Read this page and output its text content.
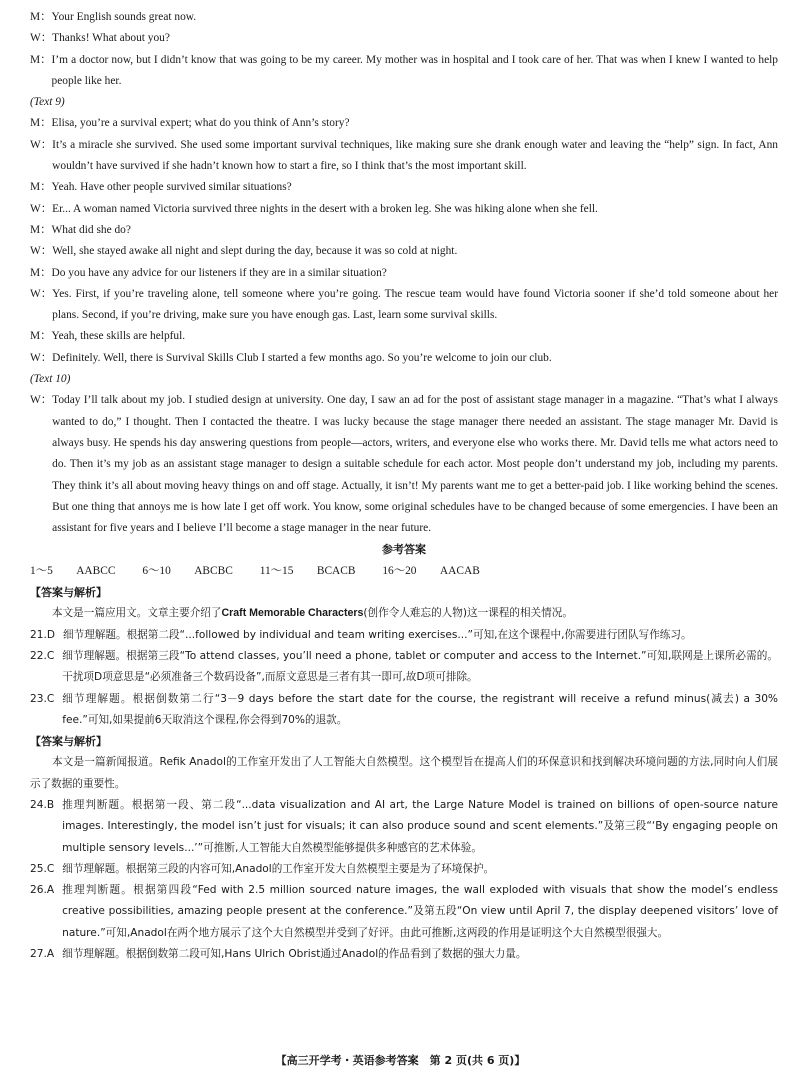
M： Your English sounds great now.
W： Thanks! What about you?
M： I’m a doctor now, but I didn’t know that was going to be my career. My mother was in hospital and I took care of her. That was when I knew I wanted to help people like her.
(Text 9)
M： Elisa, you’re a survival expert; what do you think of Ann’s story?
W： It’s a miracle she survived. She used some important survival techniques, like making sure she drank enough water and leaving the “help” sign. In fact, Ann wouldn’t have survived if she hadn’t known how to start a fire, so I think that’s the most important skill.
M： Yeah. Have other people survived similar situations?
W： Er... A woman named Victoria survived three nights in the desert with a broken leg. She was hiking alone when she fell.
M： What did she do?
W： Well, she stayed awake all night and slept during the day, because it was so cold at night.
M： Do you have any advice for our listeners if they are in a similar situation?
W： Yes. First, if you’re traveling alone, tell someone where you’re going. The rescue team would have found Victoria sooner if she’d told someone about her plans. Second, if you’re driving, make sure you have enough gas. Last, learn some survival skills.
M： Yeah, these skills are helpful.
W： Definitely. Well, there is Survival Skills Club I started a few months ago. So you’re welcome to join our club.
(Text 10)
W： Today I’ll talk about my job. I studied design at university. One day, I saw an ad for the post of assistant stage manager in a magazine. “That’s what I always wanted to do,” I thought. Then I contacted the theatre. I was lucky because the stage manager there needed an assistant. The stage manager Mr. David is always busy. He spends his day answering questions from people—actors, writers, and everyone else who works there. Mr. David tells me what actors need to do. Then it’s my job as an assistant stage manager to design a suitable schedule for each actor. Most people don’t understand my job, including my parents. They think it’s all about moving heavy things on and off stage. Actually, it isn’t! My parents want me to get a better-paid job. I like working behind the scenes. But one thing that annoys me is how late I get off work. You know, some original schedules have to be changed because of some emergencies. I have been an assistant for five years and I believe I’ll become a stage manager in the near future.
参考答案
1～5　 AABCC 6～10　 ABCBC 11～15　 BCACB 16～20　 AACAB
【答案与解析】
本文是一篇应用文。文章主要介绍了Craft Memorable Characters(创作令人难忘的人物)这一课程的相关情况。
21.D 细节理解题。根据第二段“...followed by individual and team writing exercises...”可知,在这个课程中,你需要进行团队写作练习。
22.C 细节理解题。根据第三段“To attend classes, you’ll need a phone, tablet or computer and access to the Internet.”可知,联网是上课所必需的。干扰项D项意思是“必须准备三个数码设备”,而原文意思是三者有其一即可,故D项可排除。
23.C 细节理解题。根据倒数第二行“3－9 days before the start date for the course, the registrant will receive a refund minus(减去) a 30% fee.”可知,如果提前6天取消这个课程,你会得到70%的退款。
【答案与解析】
本文是一篇新闻报道。Refik Anadol的工作室开发出了人工智能大自然模型。这个模型旨在提高人们的环保意识和找到解决环境问题的方法,同时向人们展示了数据的重要性。
24.B 推理判断题。根据第一段、第二段“...data visualization and AI art, the Large Nature Model is trained on billions of open-source nature images. Interestingly, the model isn’t just for visuals; it can also produce sound and scent elements.”及第三段“‘By engaging people on multiple sensory levels...’”可推断,人工智能大自然模型能够提供多种感官的艺术体验。
25.C 细节理解题。根据第三段的内容可知,Anadol的工作室开发大自然模型主要是为了环境保护。
26.A 推理判断题。根据第四段“Fed with 2.5 million sourced nature images, the wall exploded with visuals that show the model’s endless creative possibilities, amazing people present at the conference.”及第五段“On view until April 7, the display deepened visitors’ love of nature.”可知,Anadol在两个地方展示了这个大自然模型并受到了好评。由此可推断,这两段的作用是证明这个大自然模型很强大。
27.A 细节理解题。根据倒数第二段可知,Hans Ulrich Obrist通过Anadol的作品看到了数据的强大力量。
【高三开学考・英语参考答案　第 2 页(共 6 页)】
